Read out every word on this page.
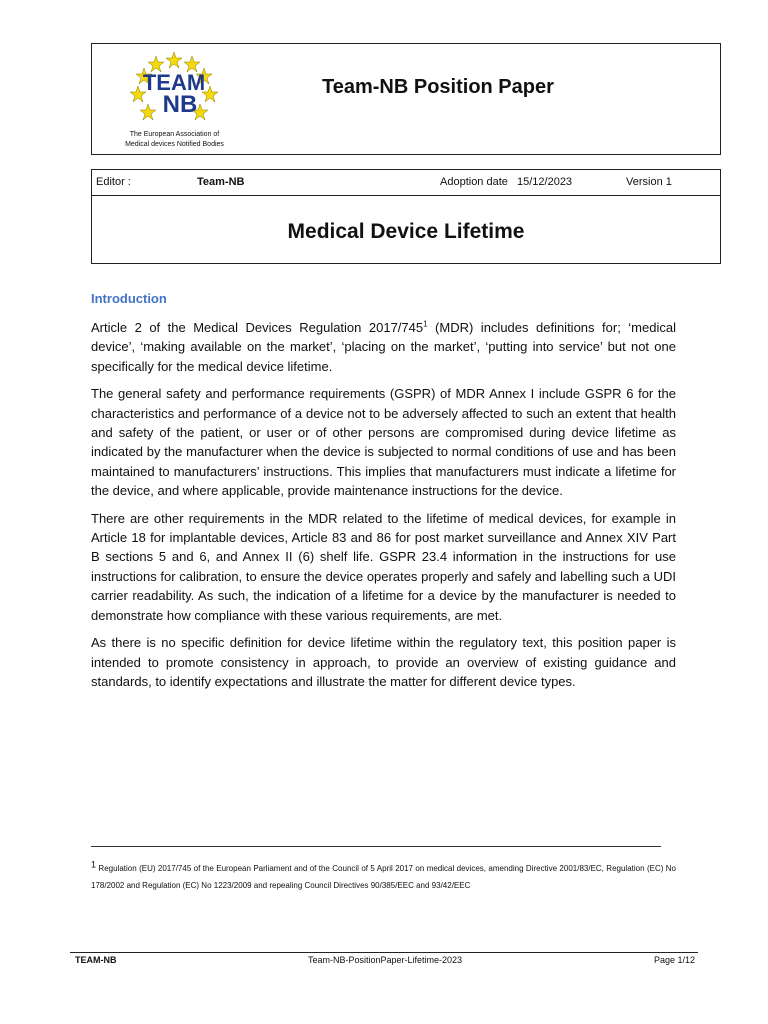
TEAM
NB
The European Association of
Medical devices Notified Bodies
Team-NB Position Paper
Editor :	Team-NB	Adoption date 15/12/2023	Version 1
Medical Device Lifetime
Introduction

Article 2 of the Medical Devices Regulation $2017/745^1$ (MDR) includes definitions for; ‘medical device’, ‘making available on the market’, ‘placing on the market’, ‘putting into service’ but not one specifically for the medical device lifetime.

The general safety and performance requirements (GSPR) of MDR Annex I include GSPR 6 for the characteristics and performance of a device not to be adversely affected to such an extent that health and safety of the patient, or user or of other persons are compromised during device lifetime as indicated by the manufacturer when the device is subjected to normal conditions of use and has been maintained to manufacturers’ instructions. This implies that manufacturers must indicate a lifetime for the device, and where applicable, provide maintenance instructions for the device.

There are other requirements in the MDR related to the lifetime of medical devices, for example in Article 18 for implantable devices, Article 83 and 86 for post market surveillance and Annex XIV Part B sections 5 and 6, and Annex II (6) shelf life. GSPR 23.4 information in the instructions for use instructions for calibration, to ensure the device operates properly and safely and labelling such a UDI carrier readability. As such, the indication of a lifetime for a device by the manufacturer is needed to demonstrate how compliance with these various requirements, are met.

As there is no specific definition for device lifetime within the regulatory text, this position paper is intended to promote consistency in approach, to provide an overview of existing guidance and standards, to identify expectations and illustrate the matter for different device types.

$^1$ Regulation (EU) 2017/745 of the European Parliament and of the Council of 5 April 2017 on medical devices, amending Directive 2001/83/EC, Regulation (EC) No 178/2002 and Regulation (EC) No 1223/2009 and repealing Council Directives 90/385/EEC and 93/42/EEC
TEAM-NB	Team-NB-PositionPaper-Lifetime-2023	Page 1/12
